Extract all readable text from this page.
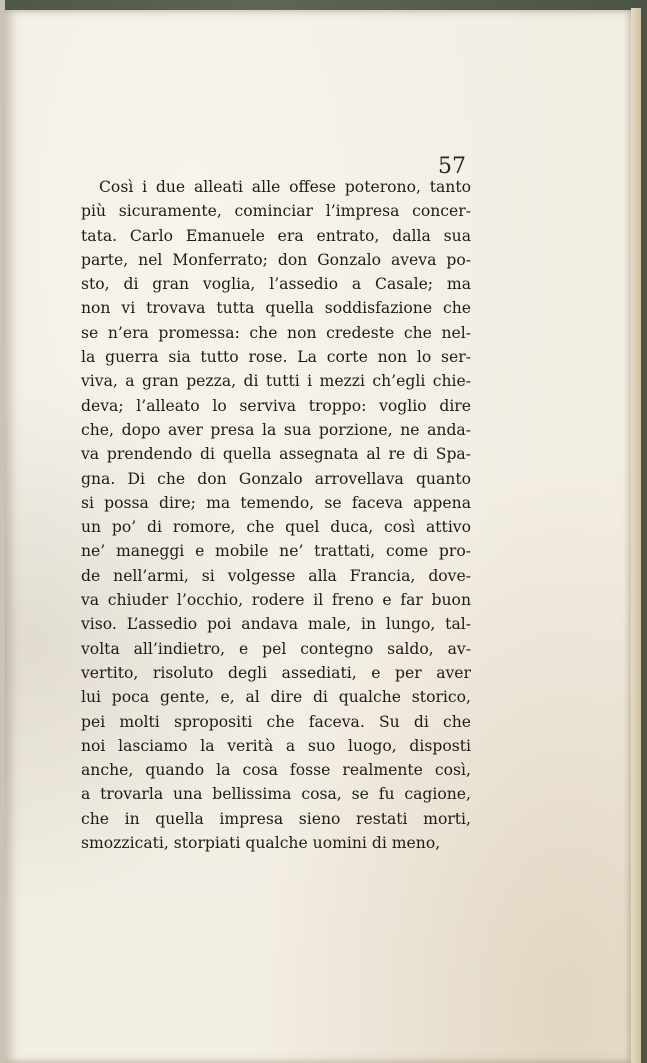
57
Così i due alleati alle offese poterono, tanto
più sicuramente, cominciar l’impresa concer-
tata. Carlo Emanuele era entrato, dalla sua
parte, nel Monferrato; don Gonzalo aveva po-
sto, di gran voglia, l’assedio a Casale; ma
non vi trovava tutta quella soddisfazione che
se n’era promessa: che non credeste che nel-
la guerra sia tutto rose. La corte non lo ser-
viva, a gran pezza, di tutti i mezzi ch’egli chie-
deva; l’alleato lo serviva troppo: voglio dire
che, dopo aver presa la sua porzione, ne anda-
va prendendo di quella assegnata al re di Spa-
gna. Di che don Gonzalo arrovellava quanto
si possa dire; ma temendo, se faceva appena
un po’ di romore, che quel duca, così attivo
ne’ maneggi e mobile ne’ trattati, come pro-
de nell’armi, si volgesse alla Francia, dove-
va chiuder l’occhio, rodere il freno e far buon
viso. L’assedio poi andava male, in lungo, tal-
volta all’indietro, e pel contegno saldo, av-
vertito, risoluto degli assediati, e per aver
lui poca gente, e, al dire di qualche storico,
pei molti spropositi che faceva. Su di che
noi lasciamo la verità a suo luogo, disposti
anche, quando la cosa fosse realmente così,
a trovarla una bellissima cosa, se fu cagione,
che in quella impresa sieno restati morti,
smozzicati, storpiati qualche uomini di meno,
